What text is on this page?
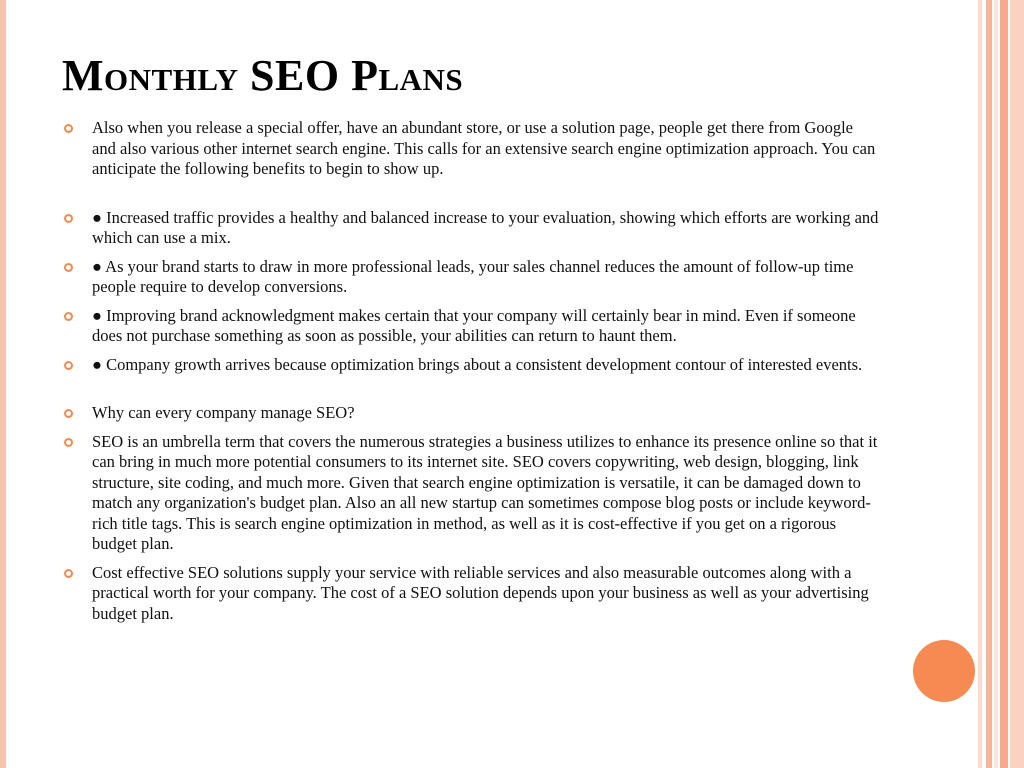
Monthly SEO Plans
Also when you release a special offer, have an abundant store, or use a solution page, people get there from Google and also various other internet search engine. This calls for an extensive search engine optimization approach. You can anticipate the following benefits to begin to show up.
● Increased traffic provides a healthy and balanced increase to your evaluation, showing which efforts are working and which can use a mix.
● As your brand starts to draw in more professional leads, your sales channel reduces the amount of follow-up time people require to develop conversions.
● Improving brand acknowledgment makes certain that your company will certainly bear in mind. Even if someone does not purchase something as soon as possible, your abilities can return to haunt them.
● Company growth arrives because optimization brings about a consistent development contour of interested events.
Why can every company manage SEO?
SEO is an umbrella term that covers the numerous strategies a business utilizes to enhance its presence online so that it can bring in much more potential consumers to its internet site. SEO covers copywriting, web design, blogging, link structure, site coding, and much more. Given that search engine optimization is versatile, it can be damaged down to match any organization's budget plan. Also an all new startup can sometimes compose blog posts or include keyword-rich title tags. This is search engine optimization in method, as well as it is cost-effective if you get on a rigorous budget plan.
Cost effective SEO solutions supply your service with reliable services and also measurable outcomes along with a practical worth for your company. The cost of a SEO solution depends upon your business as well as your advertising budget plan.
